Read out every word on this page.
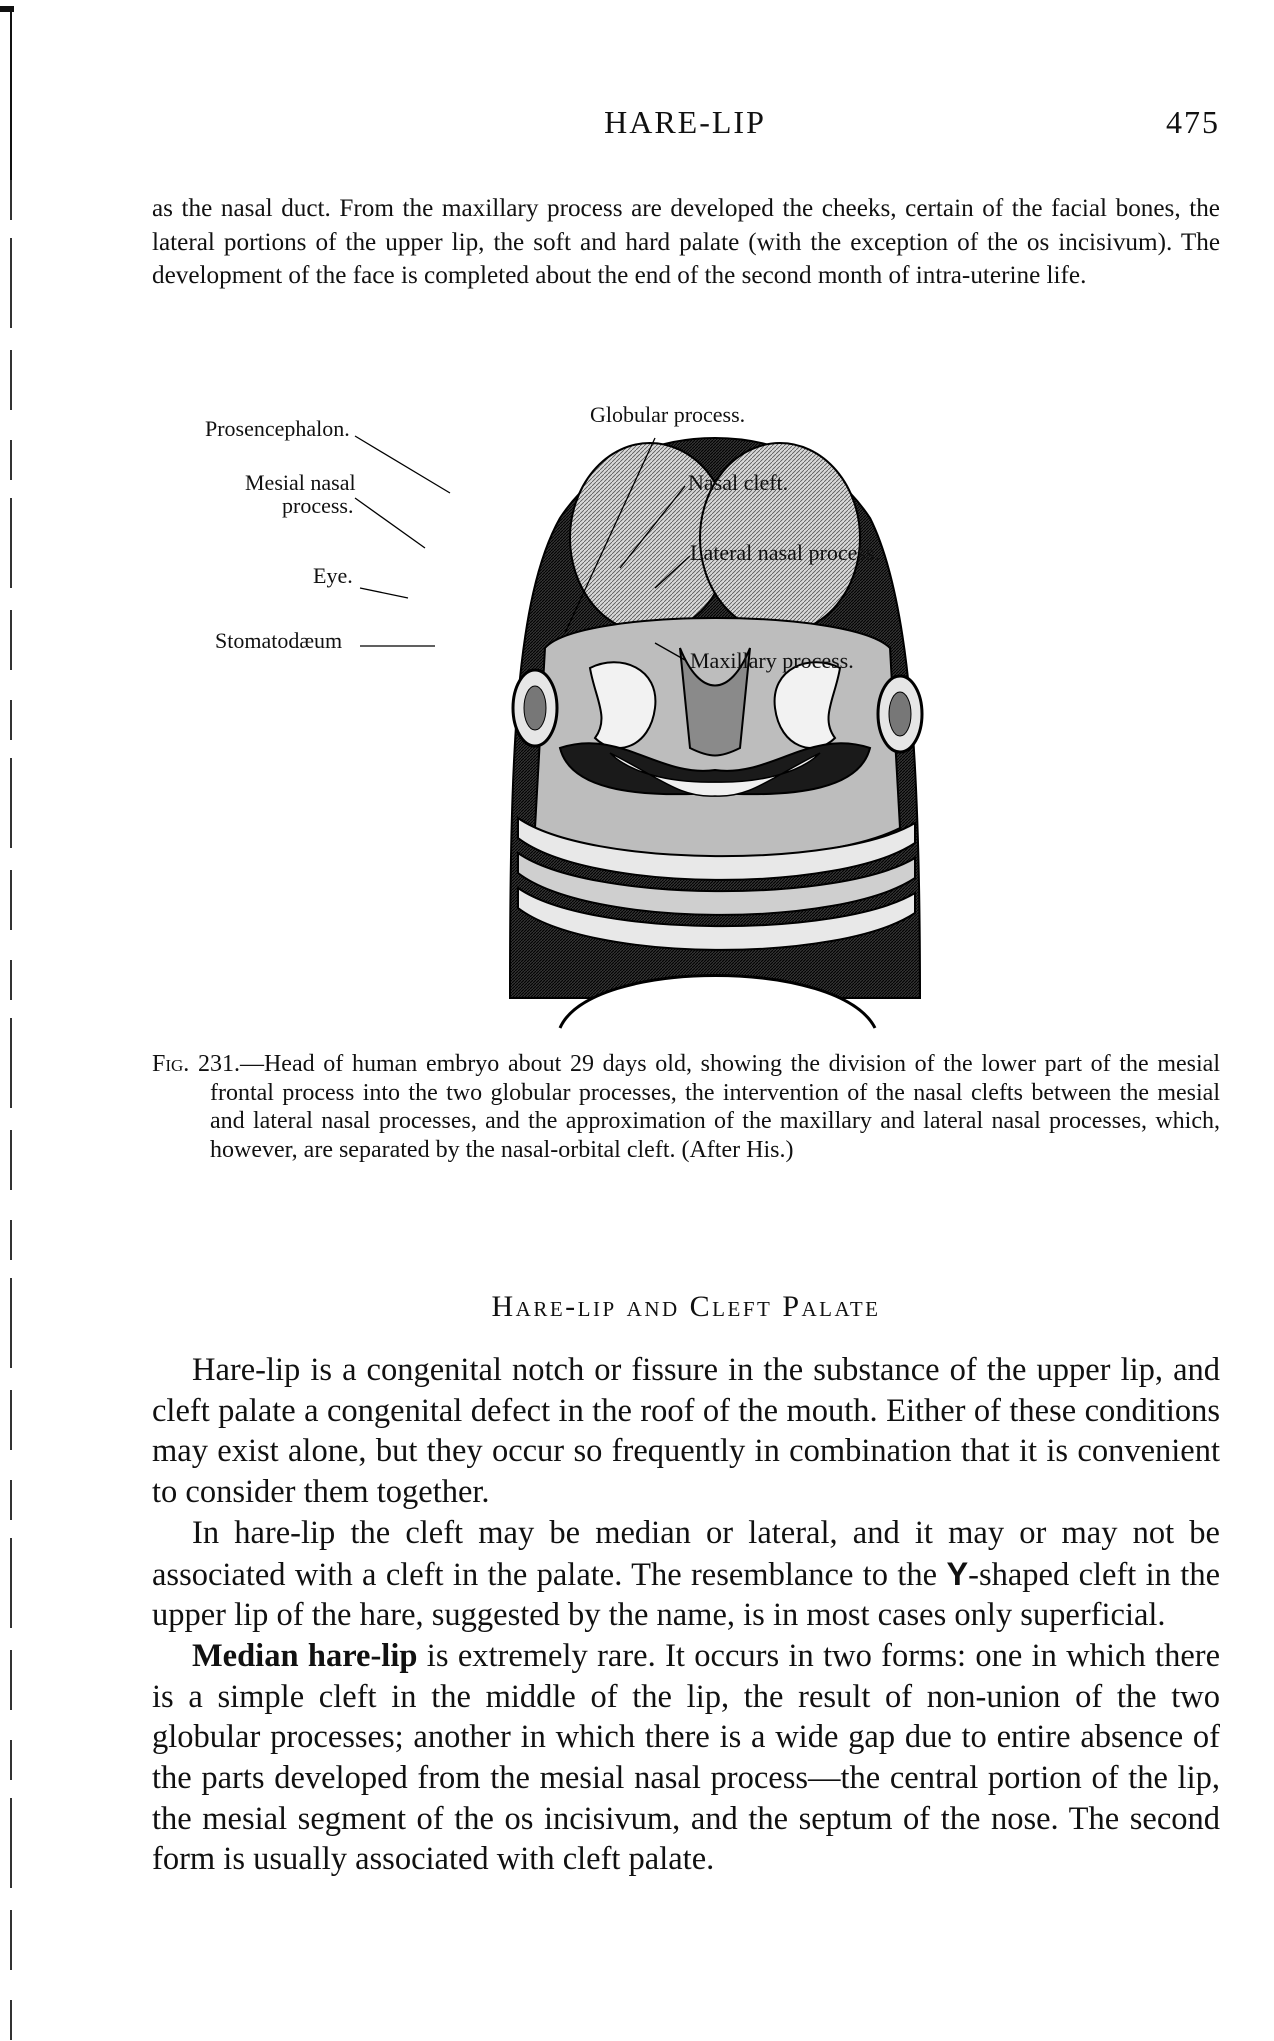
HARE-LIP	475

as the nasal duct. From the maxillary process are developed the cheeks, certain of the facial bones, the lateral portions of the upper lip, the soft and hard palate (with the exception of the os incisivum). The development of the face is completed about the end of the second month of intra-uterine life.

Prosencephalon.
Mesial nasal
process.
Eye.
Stomatodæum
Globular process.
Nasal cleft.
Lateral nasal process.
Maxillary process.

Fig. 231.—Head of human embryo about 29 days old, showing the division of the lower part of the mesial frontal process into the two globular processes, the intervention of the nasal clefts between the mesial and lateral nasal processes, and the approximation of the maxillary and lateral nasal processes, which, however, are separated by the nasal-orbital cleft. (After His.)

Hare-lip and Cleft Palate

Hare-lip is a congenital notch or fissure in the substance of the upper lip, and cleft palate a congenital defect in the roof of the mouth. Either of these conditions may exist alone, but they occur so frequently in combination that it is convenient to consider them together.

In hare-lip the cleft may be median or lateral, and it may or may not be associated with a cleft in the palate. The resemblance to the Y-shaped cleft in the upper lip of the hare, suggested by the name, is in most cases only superficial.

Median hare-lip is extremely rare. It occurs in two forms: one in which there is a simple cleft in the middle of the lip, the result of non-union of the two globular processes; another in which there is a wide gap due to entire absence of the parts developed from the mesial nasal process—the central portion of the lip, the mesial segment of the os incisivum, and the septum of the nose. The second form is usually associated with cleft palate.
